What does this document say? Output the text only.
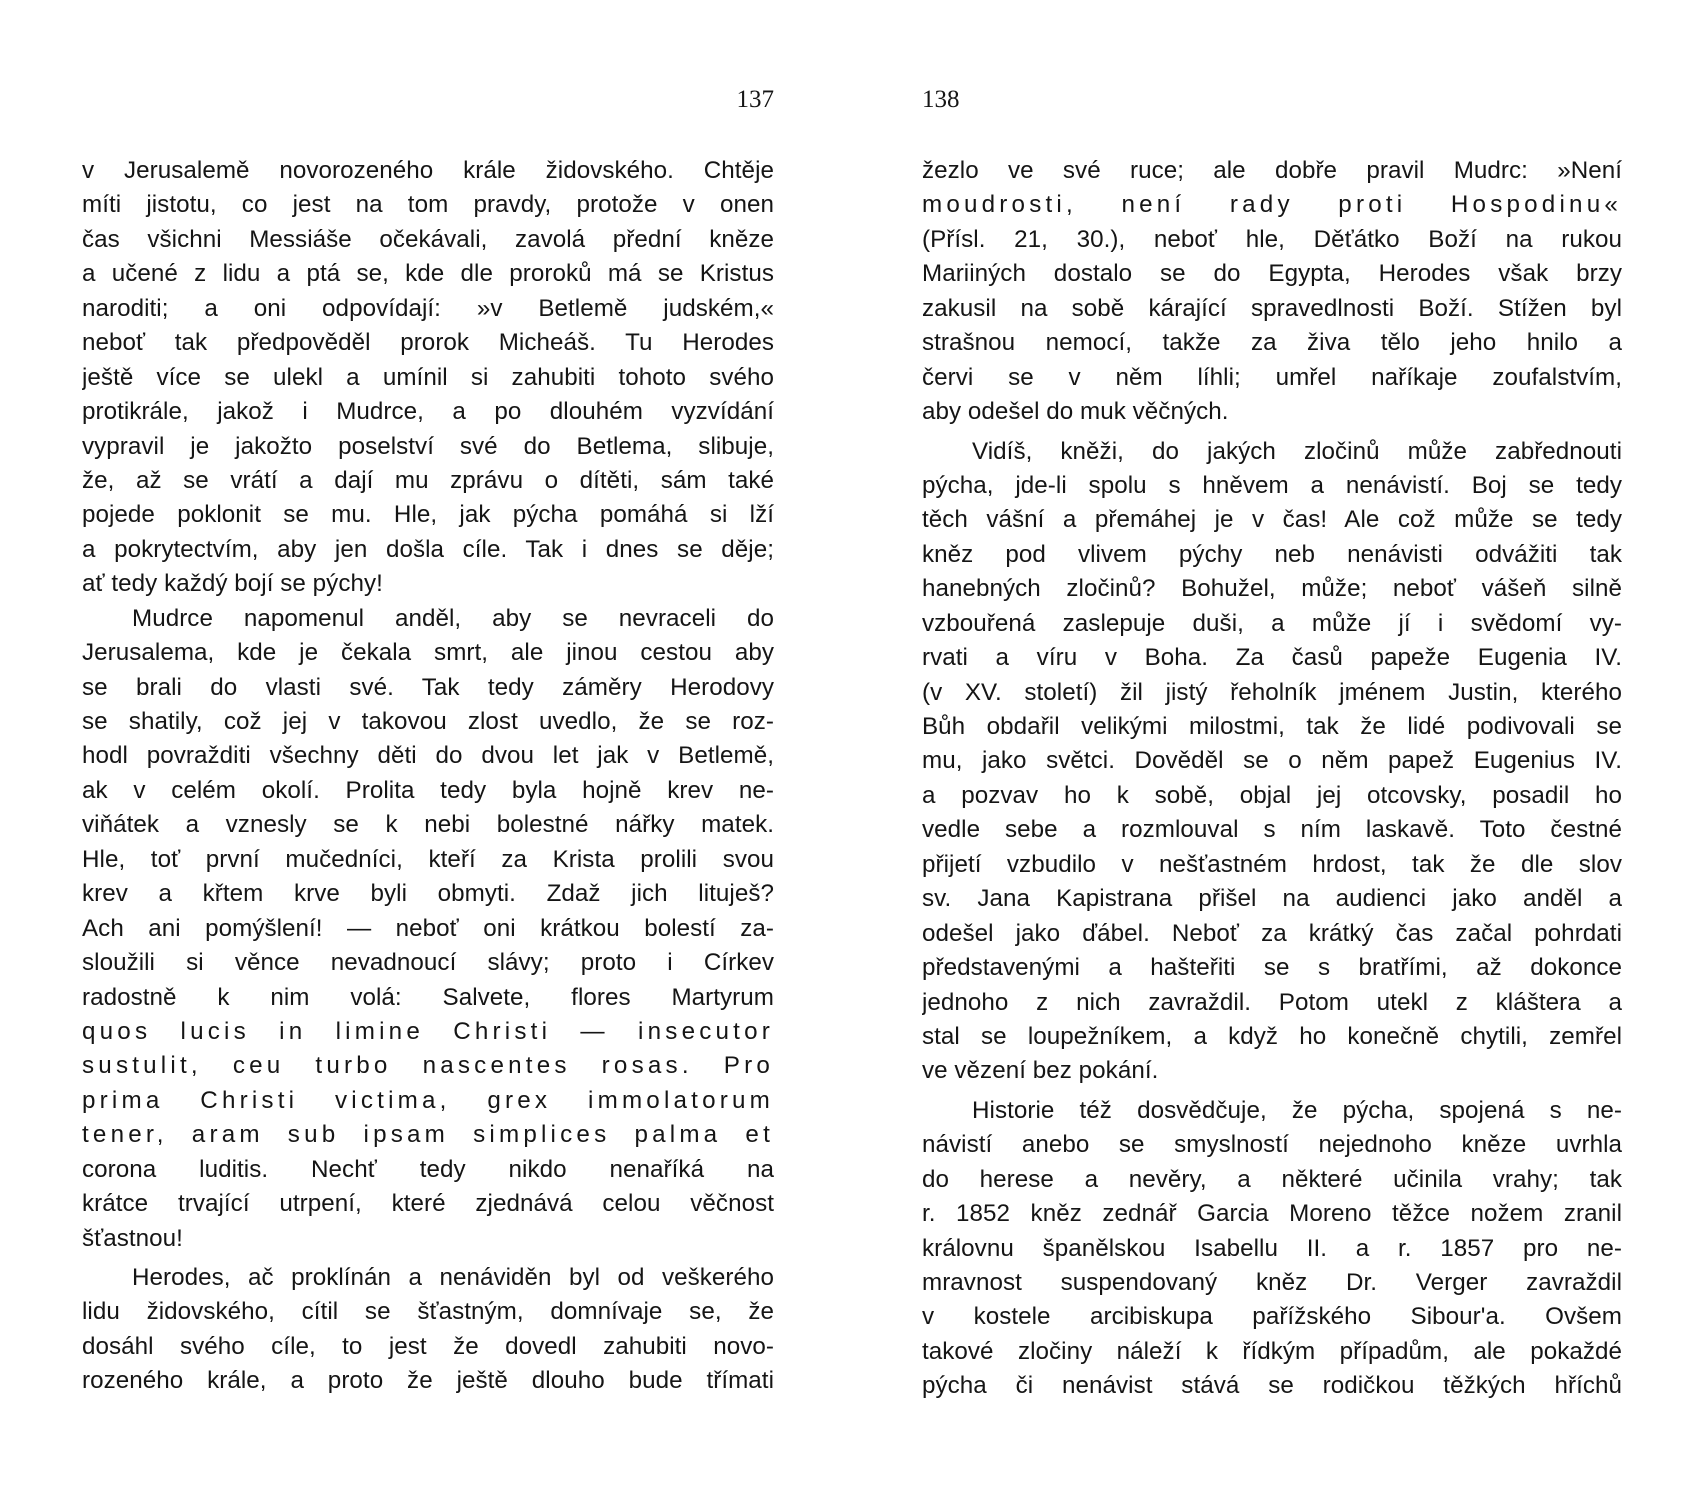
137
v Jerusalemě novorozeného krále židovského. Chtěje
míti jistotu, co jest na tom pravdy, protože v onen
čas všichni Messiáše očekávali, zavolá přední kněze
a učené z lidu a ptá se, kde dle proroků má se Kristus
naroditi; a oni odpovídají: »v Betlemě judském,«
neboť tak předpověděl prorok Micheáš. Tu Herodes
ještě více se ulekl a umínil si zahubiti tohoto svého
protikrále, jakož i Mudrce, a po dlouhém vyzvídání
vypravil je jakožto poselství své do Betlema, slibuje,
že, až se vrátí a dají mu zprávu o dítěti, sám také
pojede poklonit se mu. Hle, jak pýcha pomáhá si lží
a pokrytectvím, aby jen došla cíle. Tak i dnes se děje;
ať tedy každý bojí se pýchy!
Mudrce napomenul anděl, aby se nevraceli do
Jerusalema, kde je čekala smrt, ale jinou cestou aby
se brali do vlasti své. Tak tedy záměry Herodovy
se shatily, což jej v takovou zlost uvedlo, že se roz-
hodl povražditi všechny děti do dvou let jak v Betlemě,
ak v celém okolí. Prolita tedy byla hojně krev ne-
viňátek a vznesly se k nebi bolestné nářky matek.
Hle, toť první mučedníci, kteří za Krista prolili svou
krev a křtem krve byli obmyti. Zdaž jich lituješ?
Ach ani pomýšlení! — neboť oni krátkou bolestí za-
sloužili si věnce nevadnoucí slávy; proto i Církev
radostně k nim volá: Salvete, flores Martyrum
quos lucis in limine Christi — insecutor
sustulit, ceu turbo nascentes rosas. Pro
prima Christi victima, grex immolatorum
tener, aram sub ipsam simplices palma et
corona luditis. Nechť tedy nikdo nenaříká na
krátce trvající utrpení, které zjednává celou věčnost
šťastnou!
Herodes, ač proklínán a nenáviděn byl od veškerého
lidu židovského, cítil se šťastným, domnívaje se, že
dosáhl svého cíle, to jest že dovedl zahubiti novo-
rozeného krále, a proto že ještě dlouho bude třímati
138
žezlo ve své ruce; ale dobře pravil Mudrc: »Není
moudrosti, není rady proti Hospodinu«
(Přísl. 21, 30.), neboť hle, Děťátko Boží na rukou
Mariiných dostalo se do Egypta, Herodes však brzy
zakusil na sobě kárající spravedlnosti Boží. Stížen byl
strašnou nemocí, takže za živa tělo jeho hnilo a
červi se v něm líhli; umřel naříkaje zoufalstvím,
aby odešel do muk věčných.
Vidíš, kněži, do jakých zločinů může zabřednouti
pýcha, jde-li spolu s hněvem a nenávistí. Boj se tedy
těch vášní a přemáhej je v čas! Ale což může se tedy
kněz pod vlivem pýchy neb nenávisti odvážiti tak
hanebných zločinů? Bohužel, může; neboť vášeň silně
vzbouřená zaslepuje duši, a může jí i svědomí vy-
rvati a víru v Boha. Za časů papeže Eugenia IV.
(v XV. století) žil jistý řeholník jménem Justin, kterého
Bůh obdařil velikými milostmi, tak že lidé podivovali se
mu, jako světci. Dověděl se o něm papež Eugenius IV.
a pozvav ho k sobě, objal jej otcovsky, posadil ho
vedle sebe a rozmlouval s ním laskavě. Toto čestné
přijetí vzbudilo v nešťastném hrdost, tak že dle slov
sv. Jana Kapistrana přišel na audienci jako anděl a
odešel jako ďábel. Neboť za krátký čas začal pohrdati
představenými a hašteřiti se s bratřími, až dokonce
jednoho z nich zavraždil. Potom utekl z kláštera a
stal se loupežníkem, a když ho konečně chytili, zemřel
ve vězení bez pokání.
Historie též dosvědčuje, že pýcha, spojená s ne-
návistí anebo se smyslností nejednoho kněze uvrhla
do herese a nevěry, a některé učinila vrahy; tak
r. 1852 kněz zednář Garcia Moreno těžce nožem zranil
královnu španělskou Isabellu II. a r. 1857 pro ne-
mravnost suspendovaný kněz Dr. Verger zavraždil
v kostele arcibiskupa pařížského Sibour'a. Ovšem
takové zločiny náleží k řídkým případům, ale pokaždé
pýcha či nenávist stává se rodičkou těžkých hříchů
